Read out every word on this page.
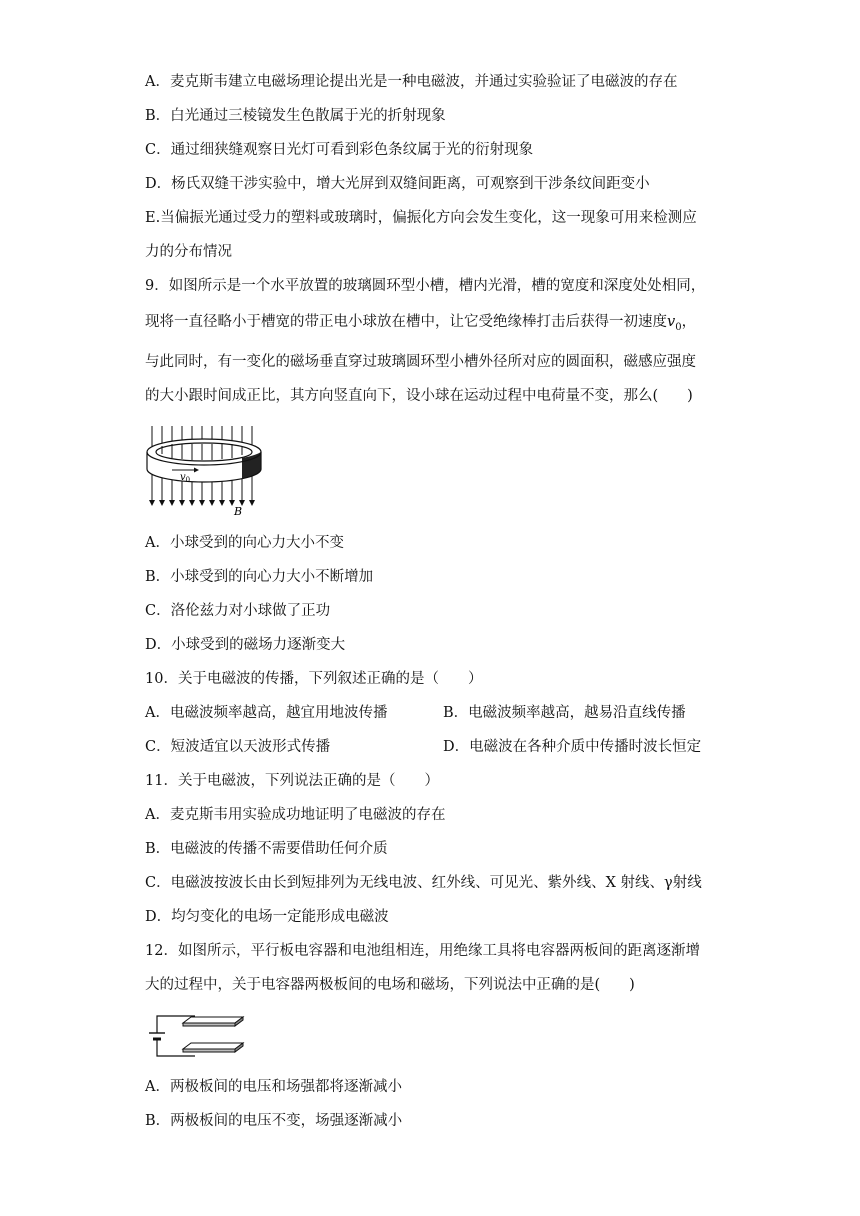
A．麦克斯韦建立电磁场理论提出光是一种电磁波，并通过实验验证了电磁波的存在
B．白光通过三棱镜发生色散属于光的折射现象
C．通过细狭缝观察日光灯可看到彩色条纹属于光的衍射现象
D．杨氏双缝干涉实验中，增大光屏到双缝间距离，可观察到干涉条纹间距变小
E.当偏振光通过受力的塑料或玻璃时，偏振化方向会发生变化，这一现象可用来检测应
力的分布情况
9．如图所示是一个水平放置的玻璃圆环型小槽，槽内光滑，槽的宽度和深度处处相同，
现将一直径略小于槽宽的带正电小球放在槽中，让它受绝缘棒打击后获得一初速度$v_0$，
与此同时，有一变化的磁场垂直穿过玻璃圆环型小槽外径所对应的圆面积，磁感应强度
的大小跟时间成正比，其方向竖直向下，设小球在运动过程中电荷量不变，那么(　　)
$v_0$
B
A．小球受到的向心力大小不变
B．小球受到的向心力大小不断增加
C．洛伦兹力对小球做了正功
D．小球受到的磁场力逐渐变大
10．关于电磁波的传播，下列叙述正确的是（　　）
A．电磁波频率越高，越宜用地波传播	B．电磁波频率越高，越易沿直线传播
C．短波适宜以天波形式传播	D．电磁波在各种介质中传播时波长恒定
11．关于电磁波，下列说法正确的是（　　）
A．麦克斯韦用实验成功地证明了电磁波的存在
B．电磁波的传播不需要借助任何介质
C．电磁波按波长由长到短排列为无线电波、红外线、可见光、紫外线、X 射线、γ射线
D．均匀变化的电场一定能形成电磁波
12．如图所示，平行板电容器和电池组相连，用绝缘工具将电容器两板间的距离逐渐增
大的过程中，关于电容器两极板间的电场和磁场，下列说法中正确的是(　　)
A．两极板间的电压和场强都将逐渐减小
B．两极板间的电压不变，场强逐渐减小
